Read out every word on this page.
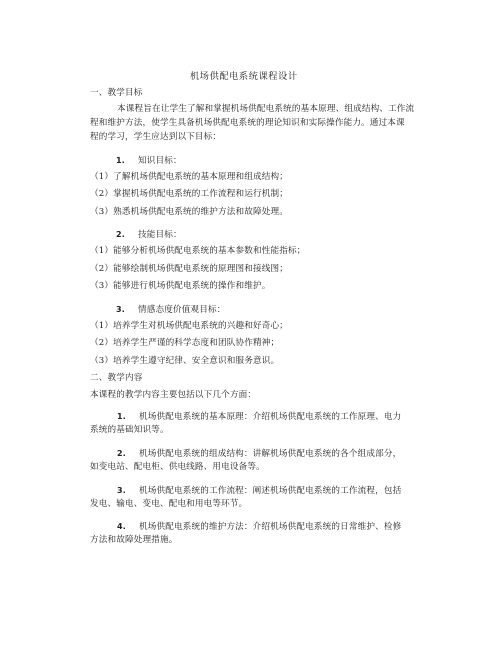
机场供配电系统课程设计
一、教学目标
本课程旨在让学生了解和掌握机场供配电系统的基本原理、组成结构、工作流
程和维护方法，使学生具备机场供配电系统的理论知识和实际操作能力。通过本课
程的学习，学生应达到以下目标：
1. 知识目标：
（1）了解机场供配电系统的基本原理和组成结构；
（2）掌握机场供配电系统的工作流程和运行机制；
（3）熟悉机场供配电系统的维护方法和故障处理。
2. 技能目标：
（1）能够分析机场供配电系统的基本参数和性能指标；
（2）能够绘制机场供配电系统的原理图和接线图；
（3）能够进行机场供配电系统的操作和维护。
3. 情感态度价值观目标：
（1）培养学生对机场供配电系统的兴趣和好奇心；
（2）培养学生严谨的科学态度和团队协作精神；
（3）培养学生遵守纪律、安全意识和服务意识。
二、教学内容
本课程的教学内容主要包括以下几个方面：
1. 机场供配电系统的基本原理：介绍机场供配电系统的工作原理、电力
系统的基础知识等。
2. 机场供配电系统的组成结构：讲解机场供配电系统的各个组成部分，
如变电站、配电柜、供电线路、用电设备等。
3. 机场供配电系统的工作流程：阐述机场供配电系统的工作流程，包括
发电、输电、变电、配电和用电等环节。
4. 机场供配电系统的维护方法：介绍机场供配电系统的日常维护、检修
方法和故障处理措施。
